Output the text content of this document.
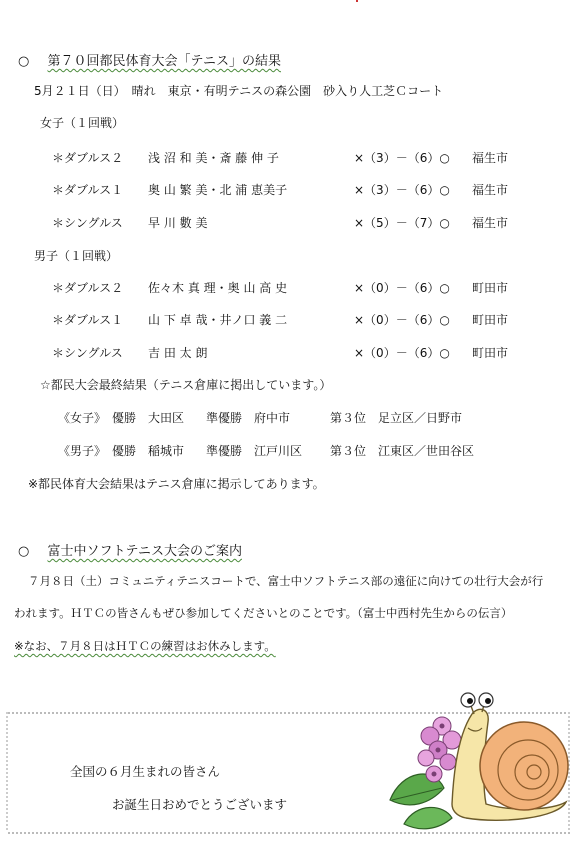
○ 第７０回都民体育大会「テニス」の結果
5月２１日（日）　晴れ　東京・有明テニスの森公園　砂入り人工芝Ｃコート
女子（１回戦）
＊ダブルス２ 浅 沼 和 美・斎 藤 伸 子	×（3）－（6）○ 福生市
＊ダブルス１ 奥 山 繁 美・北 浦 恵美子	×（3）－（6）○ 福生市
＊シングルス 早 川 數 美	×（5）－（7）○ 福生市
男子（１回戦）
＊ダブルス２ 佐々木 真 理・奥 山 高 史	×（0）－（6）○ 町田市
＊ダブルス１ 山 下 卓 哉・井ノ口 義 二	×（0）－（6）○ 町田市
＊シングルス 吉 田 太 朗	×（0）－（6）○ 町田市
☆都民大会最終結果（テニス倉庫に掲出しています。）
《女子》 優勝 大田区 準優勝 府中市	第３位 足立区／日野市
《男子》 優勝 稲城市 準優勝 江戸川区 第３位 江東区／世田谷区
※都民体育大会結果はテニス倉庫に掲示してあります。
○ 富士中ソフトテニス大会のご案内
７月８日（土）コミュニティテニスコートで、富士中ソフトテニス部の遠征に向けての壮行大会が行
われます。ＨＴＣの皆さんもぜひ参加してくださいとのことです。（富士中西村先生からの伝言）
※なお、７月８日はＨＴＣの練習はお休みします。
全国の６月生まれの皆さん
お誕生日おめでとうございます
